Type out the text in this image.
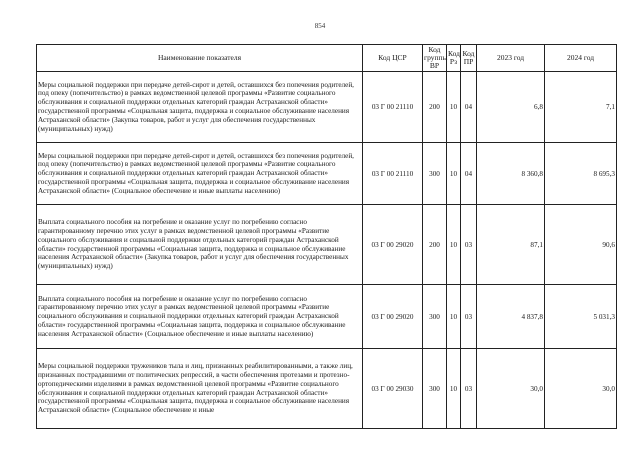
854
Наименование показателя	Код ЦСР	Код группы ВР	Код Рз	Код ПР	2023 год	2024 год
Меры социальной поддержки при передаче детей-сирот и детей, оставшихся без попечения родителей, под опеку (попечительство) в рамках ведомственной целевой программы «Развитие социального обслуживания и социальной поддержки отдельных категорий граждан Астраханской области» государственной программы «Социальная защита, поддержка и социальное обслуживание населения Астраханской области» (Закупка товаров, работ и услуг для обеспечения государственных (муниципальных) нужд)	03 Г 00 21110	200	10	04	6,8	7,1
Меры социальной поддержки при передаче детей-сирот и детей, оставшихся без попечения родителей, под опеку (попечительство) в рамках ведомственной целевой программы «Развитие социального обслуживания и социальной поддержки отдельных категорий граждан Астраханской области» государственной программы «Социальная защита, поддержка и социальное обслуживание населения Астраханской области» (Социальное обеспечение и иные выплаты населению)	03 Г 00 21110	300	10	04	8 360,8	8 695,3
Выплата социального пособия на погребение и оказание услуг по погребению согласно гарантированному перечню этих услуг в рамках ведомственной целевой программы «Развитие социального обслуживания и социальной поддержки отдельных категорий граждан Астраханской области» государственной программы «Социальная защита, поддержка и социальное обслуживание населения Астраханской области» (Закупка товаров, работ и услуг для обеспечения государственных (муниципальных) нужд)	03 Г 00 29020	200	10	03	87,1	90,6
Выплата социального пособия на погребение и оказание услуг по погребению согласно гарантированному перечню этих услуг в рамках ведомственной целевой программы «Развитие социального обслуживания и социальной поддержки отдельных категорий граждан Астраханской области» государственной программы «Социальная защита, поддержка и социальное обслуживание населения Астраханской области» (Социальное обеспечение и иные выплаты населению)	03 Г 00 29020	300	10	03	4 837,8	5 031,3
Меры социальной поддержки тружеников тыла и лиц, признанных реабилитированными, а также лиц, признанных пострадавшими от политических репрессий, в части обеспечения протезами и протезно-ортопедическими изделиями в рамках ведомственной целевой программы «Развитие социального обслуживания и социальной поддержки отдельных категорий граждан Астраханской области» государственной программы «Социальная защита, поддержка и социальное обслуживание населения Астраханской области» (Социальное обеспечение и иные	03 Г 00 29030	300	10	03	30,0	30,0
